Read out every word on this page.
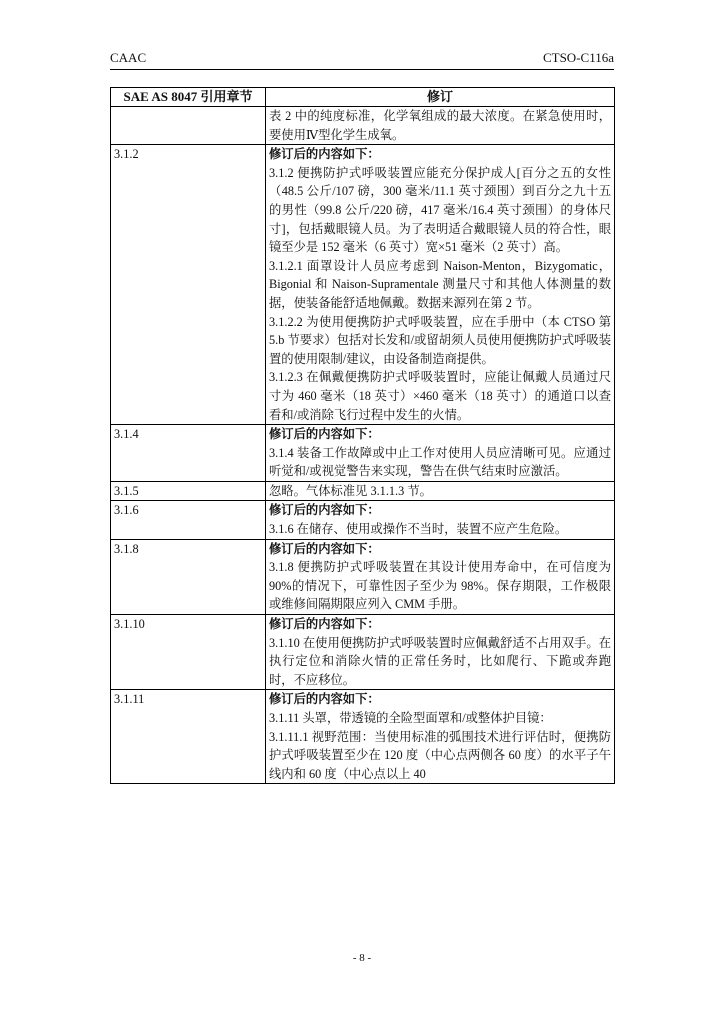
CAAC	CTSO-C116a
SAE AS 8047 引用章节	修订

	表 2 中的纯度标准，化学氧组成的最大浓度。在紧急使用时，要使用Ⅳ型化学生成氧。

3.1.2	修订后的内容如下：
3.1.2 便携防护式呼吸装置应能充分保护成人[百分之五的女性（48.5 公斤/107 磅，300 毫米/11.1 英寸颈围）到百分之九十五的男性（99.8 公斤/220 磅，417 毫米/16.4 英寸颈围）的身体尺寸]，包括戴眼镜人员。为了表明适合戴眼镜人员的符合性，眼镜至少是 152 毫米（6 英寸）宽×51 毫米（2 英寸）高。
3.1.2.1 面罩设计人员应考虑到 Naison-Menton，Bizygomatic，Bigonial 和 Naison-Supramentale 测量尺寸和其他人体测量的数据，使装备能舒适地佩戴。数据来源列在第 2 节。
3.1.2.2 为使用便携防护式呼吸装置，应在手册中（本 CTSO 第 5.b 节要求）包括对长发和/或留胡须人员使用便携防护式呼吸装置的使用限制/建议，由设备制造商提供。
3.1.2.3 在佩戴便携防护式呼吸装置时，应能让佩戴人员通过尺寸为 460 毫米（18 英寸）×460 毫米（18 英寸）的通道口以查看和/或消除飞行过程中发生的火情。

3.1.4	修订后的内容如下：
3.1.4 装备工作故障或中止工作对使用人员应清晰可见。应通过听觉和/或视觉警告来实现，警告在供气结束时应激活。

3.1.5	忽略。气体标准见 3.1.1.3 节。

3.1.6	修订后的内容如下：
3.1.6 在储存、使用或操作不当时，装置不应产生危险。

3.1.8	修订后的内容如下：
3.1.8 便携防护式呼吸装置在其设计使用寿命中，在可信度为 90%的情况下，可靠性因子至少为 98%。保存期限，工作极限或维修间隔期限应列入 CMM 手册。

3.1.10	修订后的内容如下：
3.1.10 在使用便携防护式呼吸装置时应佩戴舒适不占用双手。在执行定位和消除火情的正常任务时，比如爬行、下跪或奔跑时，不应移位。

3.1.11	修订后的内容如下：
3.1.11 头罩，带透镜的全险型面罩和/或整体护目镜：
3.1.11.1 视野范围：当使用标准的弧围技术进行评估时，便携防护式呼吸装置至少在 120 度（中心点两侧各 60 度）的水平子午线内和 60 度（中心点以上 40
- 8 -
